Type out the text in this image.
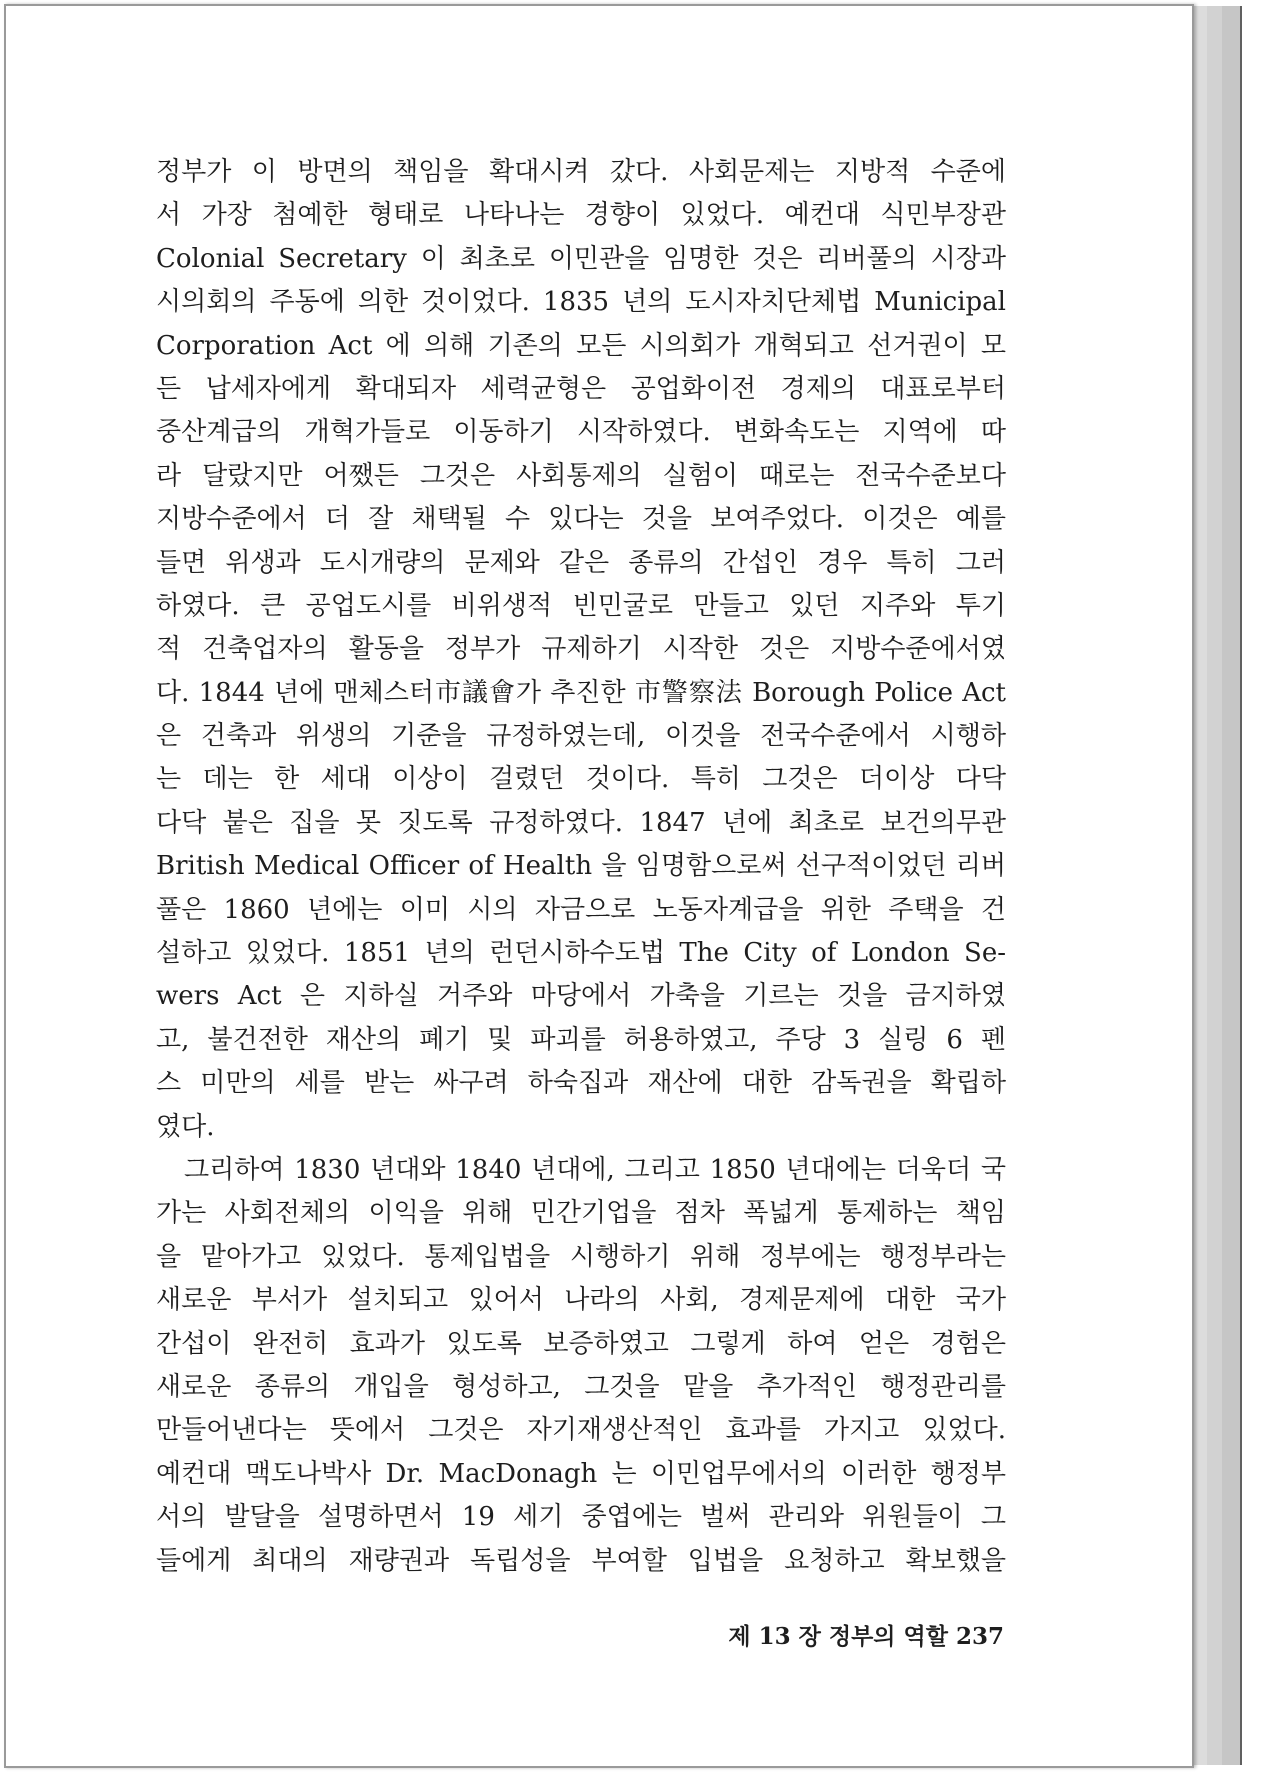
정부가 이 방면의 책임을 확대시켜 갔다. 사회문제는 지방적 수준에
서 가장 첨예한 형태로 나타나는 경향이 있었다. 예컨대 식민부장관
Colonial Secretary 이 최초로 이민관을 임명한 것은 리버풀의 시장과
시의회의 주동에 의한 것이었다. 1835 년의 도시자치단체법 Municipal
Corporation Act 에 의해 기존의 모든 시의회가 개혁되고 선거권이 모
든 납세자에게 확대되자 세력균형은 공업화이전 경제의 대표로부터
중산계급의 개혁가들로 이동하기 시작하였다. 변화속도는 지역에 따
라 달랐지만 어쨌든 그것은 사회통제의 실험이 때로는 전국수준보다
지방수준에서 더 잘 채택될 수 있다는 것을 보여주었다. 이것은 예를
들면 위생과 도시개량의 문제와 같은 종류의 간섭인 경우 특히 그러
하였다. 큰 공업도시를 비위생적 빈민굴로 만들고 있던 지주와 투기
적 건축업자의 활동을 정부가 규제하기 시작한 것은 지방수준에서였
다. 1844 년에 맨체스터市議會가 추진한 市警察法 Borough Police Act
은 건축과 위생의 기준을 규정하였는데, 이것을 전국수준에서 시행하
는 데는 한 세대 이상이 걸렸던 것이다. 특히 그것은 더이상 다닥
다닥 붙은 집을 못 짓도록 규정하였다. 1847 년에 최초로 보건의무관
British Medical Officer of Health 을 임명함으로써 선구적이었던 리버
풀은 1860 년에는 이미 시의 자금으로 노동자계급을 위한 주택을 건
설하고 있었다. 1851 년의 런던시하수도법 The City of London Se-
wers Act 은 지하실 거주와 마당에서 가축을 기르는 것을 금지하였
고, 불건전한 재산의 폐기 및 파괴를 허용하였고, 주당 3 실링 6 펜
스 미만의 세를 받는 싸구려 하숙집과 재산에 대한 감독권을 확립하
였다.
그리하여 1830 년대와 1840 년대에, 그리고 1850 년대에는 더욱더 국
가는 사회전체의 이익을 위해 민간기업을 점차 폭넓게 통제하는 책임
을 맡아가고 있었다. 통제입법을 시행하기 위해 정부에는 행정부라는
새로운 부서가 설치되고 있어서 나라의 사회, 경제문제에 대한 국가
간섭이 완전히 효과가 있도록 보증하였고 그렇게 하여 얻은 경험은
새로운 종류의 개입을 형성하고, 그것을 맡을 추가적인 행정관리를
만들어낸다는 뜻에서 그것은 자기재생산적인 효과를 가지고 있었다.
예컨대 맥도나박사 Dr. MacDonagh 는 이민업무에서의 이러한 행정부
서의 발달을 설명하면서 19 세기 중엽에는 벌써 관리와 위원들이 그
들에게 최대의 재량권과 독립성을 부여할 입법을 요청하고 확보했을
제 13 장 정부의 역할 237
